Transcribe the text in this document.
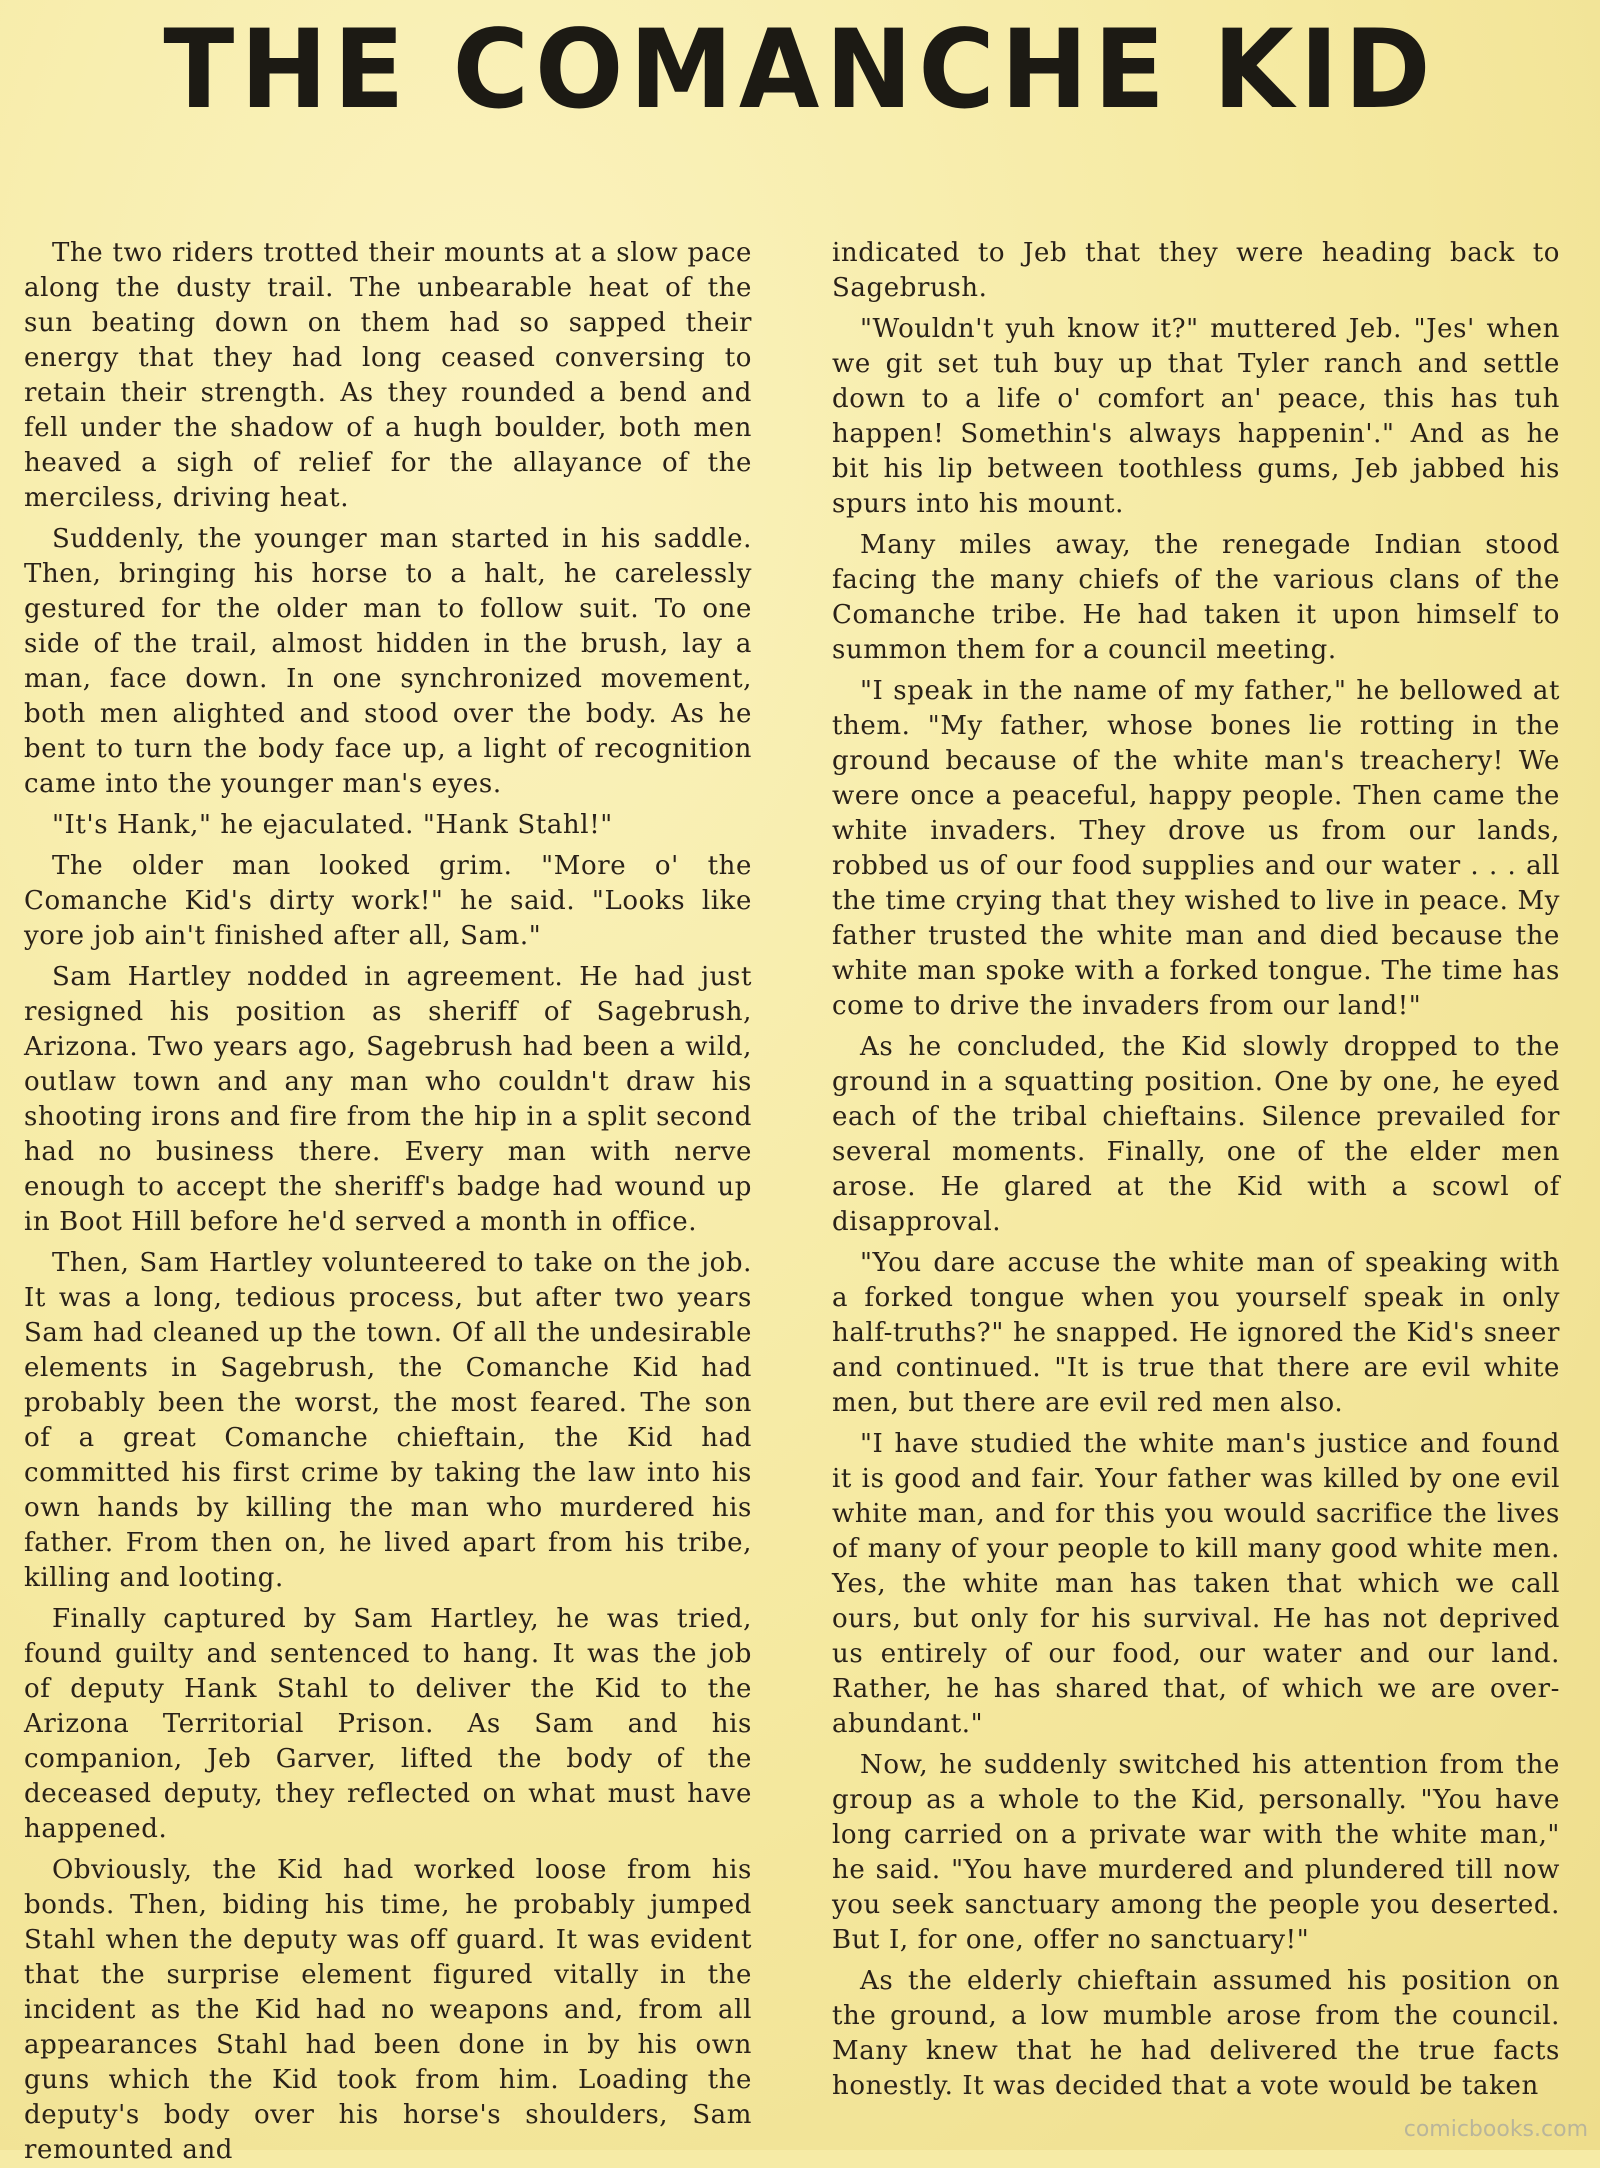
THE COMANCHE KID

The two riders trotted their mounts at a slow pace along the dusty trail. The unbearable heat of the sun beating down on them had so sapped their energy that they had long ceased conversing to retain their strength. As they rounded a bend and fell under the shadow of a hugh boulder, both men heaved a sigh of relief for the allayance of the merciless, driving heat.

Suddenly, the younger man started in his saddle. Then, bringing his horse to a halt, he carelessly gestured for the older man to follow suit. To one side of the trail, almost hidden in the brush, lay a man, face down. In one synchronized movement, both men alighted and stood over the body. As he bent to turn the body face up, a light of recognition came into the younger man's eyes.

"It's Hank," he ejaculated. "Hank Stahl!"

The older man looked grim. "More o' the Comanche Kid's dirty work!" he said. "Looks like yore job ain't finished after all, Sam."

Sam Hartley nodded in agreement. He had just resigned his position as sheriff of Sagebrush, Arizona. Two years ago, Sagebrush had been a wild, outlaw town and any man who couldn't draw his shooting irons and fire from the hip in a split second had no business there. Every man with nerve enough to accept the sheriff's badge had wound up in Boot Hill before he'd served a month in office.

Then, Sam Hartley volunteered to take on the job. It was a long, tedious process, but after two years Sam had cleaned up the town. Of all the undesirable elements in Sagebrush, the Comanche Kid had probably been the worst, the most feared. The son of a great Comanche chieftain, the Kid had committed his first crime by taking the law into his own hands by killing the man who murdered his father. From then on, he lived apart from his tribe, killing and looting.

Finally captured by Sam Hartley, he was tried, found guilty and sentenced to hang. It was the job of deputy Hank Stahl to deliver the Kid to the Arizona Territorial Prison. As Sam and his companion, Jeb Garver, lifted the body of the deceased deputy, they reflected on what must have happened.

Obviously, the Kid had worked loose from his bonds. Then, biding his time, he probably jumped Stahl when the deputy was off guard. It was evident that the surprise element figured vitally in the incident as the Kid had no weapons and, from all appearances Stahl had been done in by his own guns which the Kid took from him. Loading the deputy's body over his horse's shoulders, Sam remounted and

indicated to Jeb that they were heading back to Sagebrush.

"Wouldn't yuh know it?" muttered Jeb. "Jes' when we git set tuh buy up that Tyler ranch and settle down to a life o' comfort an' peace, this has tuh happen! Somethin's always happenin'." And as he bit his lip between toothless gums, Jeb jabbed his spurs into his mount.

Many miles away, the renegade Indian stood facing the many chiefs of the various clans of the Comanche tribe. He had taken it upon himself to summon them for a council meeting.

"I speak in the name of my father," he bellowed at them. "My father, whose bones lie rotting in the ground because of the white man's treachery! We were once a peaceful, happy people. Then came the white invaders. They drove us from our lands, robbed us of our food supplies and our water . . . all the time crying that they wished to live in peace. My father trusted the white man and died because the white man spoke with a forked tongue. The time has come to drive the invaders from our land!"

As he concluded, the Kid slowly dropped to the ground in a squatting position. One by one, he eyed each of the tribal chieftains. Silence prevailed for several moments. Finally, one of the elder men arose. He glared at the Kid with a scowl of disapproval.

"You dare accuse the white man of speaking with a forked tongue when you yourself speak in only half-truths?" he snapped. He ignored the Kid's sneer and continued. "It is true that there are evil white men, but there are evil red men also.

"I have studied the white man's justice and found it is good and fair. Your father was killed by one evil white man, and for this you would sacrifice the lives of many of your people to kill many good white men. Yes, the white man has taken that which we call ours, but only for his survival. He has not deprived us entirely of our food, our water and our land. Rather, he has shared that, of which we are over-abundant."

Now, he suddenly switched his attention from the group as a whole to the Kid, personally. "You have long carried on a private war with the white man," he said. "You have murdered and plundered till now you seek sanctuary among the people you deserted. But I, for one, offer no sanctuary!"

As the elderly chieftain assumed his position on the ground, a low mumble arose from the council. Many knew that he had delivered the true facts honestly. It was decided that a vote would be taken

comicbooks.com
